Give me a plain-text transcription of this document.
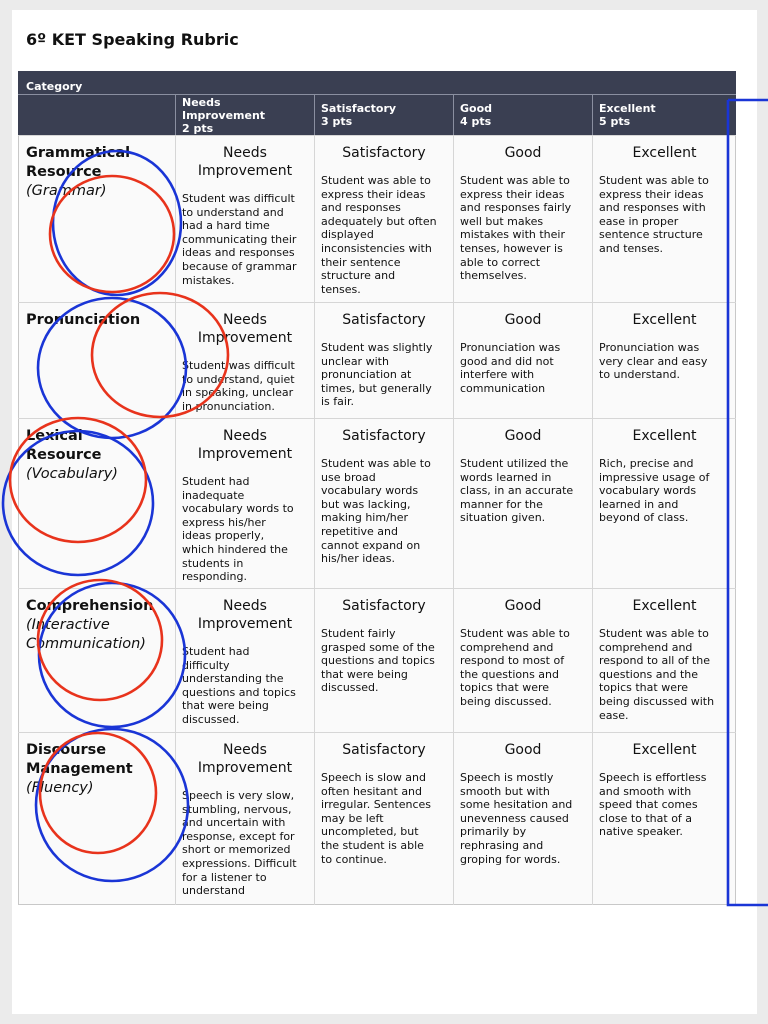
6º KET Speaking Rubric
Category
Needs
Improvement
2 pts
Satisfactory
3 pts
Good
4 pts
Excellent
5 pts
Grammatical
Resource
(Grammar)
Needs
Improvement
Student was difficult
to understand and
had a hard time
communicating their
ideas and responses
because of grammar
mistakes.
Satisfactory
Student was able to
express their ideas
and responses
adequately but often
displayed
inconsistencies with
their sentence
structure and
tenses.
Good
Student was able to
express their ideas
and responses fairly
well but makes
mistakes with their
tenses, however is
able to correct
themselves.
Excellent
Student was able to
express their ideas
and responses with
ease in proper
sentence structure
and tenses.
Pronunciation	Needs
Improvement
Student was difficult
to understand, quiet
in speaking, unclear
in pronunciation.
Satisfactory
Student was slightly
unclear with
pronunciation at
times, but generally
is fair.
Good
Pronunciation was
good and did not
interfere with
communication
Excellent
Pronunciation was
very clear and easy
to understand.
Lexical
Resource
(Vocabulary)
Needs
Improvement
Student had
inadequate
vocabulary words to
express his/her
ideas properly,
which hindered the
students in
responding.
Satisfactory
Student was able to
use broad
vocabulary words
but was lacking,
making him/her
repetitive and
cannot expand on
his/her ideas.
Good
Student utilized the
words learned in
class, in an accurate
manner for the
situation given.
Excellent
Rich, precise and
impressive usage of
vocabulary words
learned in and
beyond of class.
Comprehension
(Interactive
Communication)
Needs
Improvement
Student had
difficulty
understanding the
questions and topics
that were being
discussed.
Satisfactory
Student fairly
grasped some of the
questions and topics
that were being
discussed.
Good
Student was able to
comprehend and
respond to most of
the questions and
topics that were
being discussed.
Excellent
Student was able to
comprehend and
respond to all of the
questions and the
topics that were
being discussed with
ease.
Discourse
Management
(Fluency)
Needs
Improvement
Speech is very slow,
stumbling, nervous,
and uncertain with
response, except for
short or memorized
expressions. Difficult
for a listener to
understand
Satisfactory
Speech is slow and
often hesitant and
irregular. Sentences
may be left
uncompleted, but
the student is able
to continue.
Good
Speech is mostly
smooth but with
some hesitation and
unevenness caused
primarily by
rephrasing and
groping for words.
Excellent
Speech is effortless
and smooth with
speed that comes
close to that of a
native speaker.
